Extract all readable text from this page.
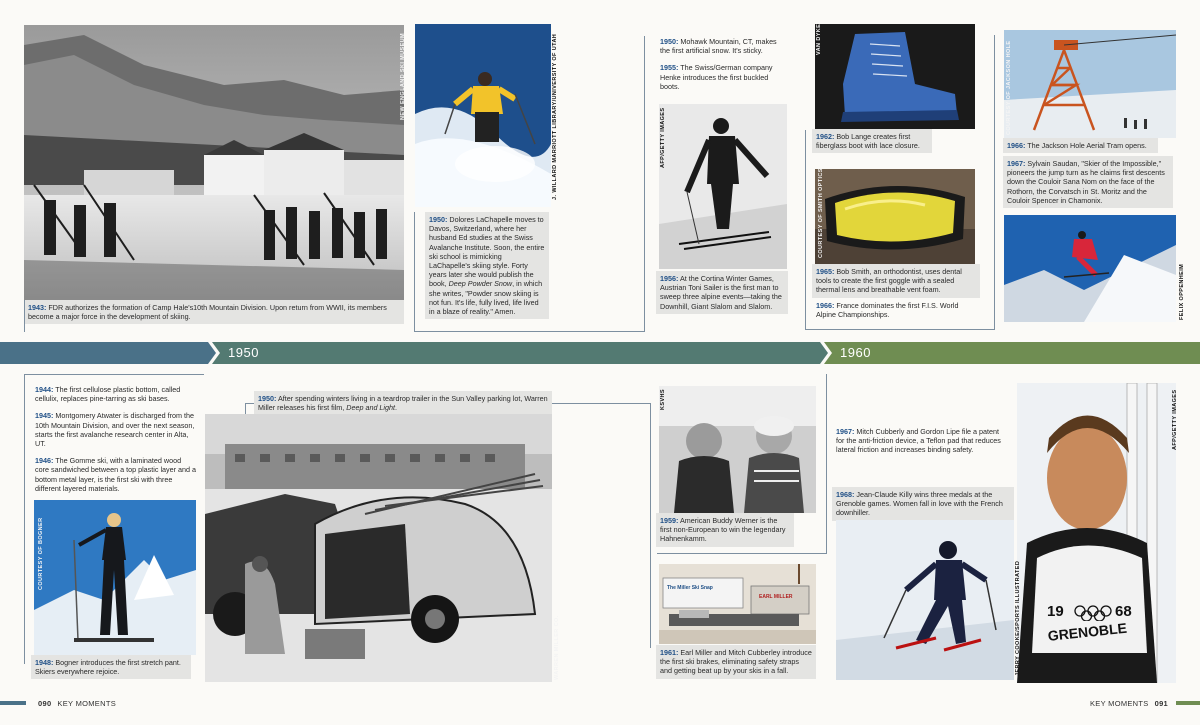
NEW ENGLAND SKI MUSEUM
1943: FDR authorizes the formation of Camp Hale's10th Mountain Division. Upon return from WWII, its members become a major force in the development of skiing.
J. WILLARD MARRIOTT LIBRARY/UNIVERSITY OF UTAH
1950: Dolores LaChapelle moves to Davos, Switzerland, where her husband Ed studies at the Swiss Avalanche Institute. Soon, the entire ski school is mimicking LaChapelle's skiing style. Forty years later she would publish the book, Deep Powder Snow, in which she writes, "Powder snow skiing is not fun. It's life, fully lived, life lived in a blaze of reality." Amen.

1950: Mohawk Mountain, CT, makes the first artificial snow. It's sticky.

1955: The Swiss/German company Henke introduces the first buckled boots.

AFP/GETTY IMAGES
1956: At the Cortina Winter Games, Austrian Toni Sailer is the first man to sweep three alpine events—taking the Downhill, Giant Slalom and Slalom.
VAN DYKE
1962: Bob Lange creates first fiberglass boot with lace closure.
COURTESY OF SMITH OPTICS
1965: Bob Smith, an orthodontist, uses dental tools to create the first goggle with a sealed thermal lens and breathable vent foam.
1966: France dominates the first F.I.S. World Alpine Championships.
COURTESY OF JACKSON HOLE
1966: The Jackson Hole Aerial Tram opens.
1967: Sylvain Saudan, "Skier of the Impossible," pioneers the jump turn as he claims first descents down the Couloir Sana Nom on the face of the Rothorn, the Corvatsch in St. Moritz and the Couloir Spencer in Chamonix.
FELIX OPPENHEIM
1950	1960

1944: The first cellulose plastic bottom, called cellulix, replaces pine-tarring as ski bases.

1945: Montgomery Atwater is discharged from the 10th Mountain Division, and over the next season, starts the first avalanche research center in Alta, UT.

1946: The Gomme ski, with a laminated wood core sandwiched between a top plastic layer and a bottom metal layer, is the first ski with three different layered materials.

COURTESY OF BOGNER
1948: Bogner introduces the first stretch pant. Skiers everywhere rejoice.
1950: After spending winters living in a teardrop trailer in the Sun Valley parking lot, Warren Miller releases his first film, Deep and Light.
WARREN MILLER CO.
KSVHS
1959: American Buddy Werner is the first non-European to win the legendary Hahnenkamm.
The Miller Ski Snap
EARL MILLER
1961: Earl Miller and Mitch Cubberley introduce the first ski brakes, eliminating safety straps and getting beat up by your skis in a fall.
1967: Mitch Cubberly and Gordon Lipe file a patent for the anti-friction device, a Teflon pad that reduces lateral friction and increases binding safety.
1968: Jean-Claude Killy wins three medals at the Grenoble games. Women fall in love with the French downhiller.
19	68
GRENOBLE
AFP/GETTY IMAGES
JERRY COOKE/SPORTS ILLUSTRATED
090 KEY MOMENTS	KEY MOMENTS 091
